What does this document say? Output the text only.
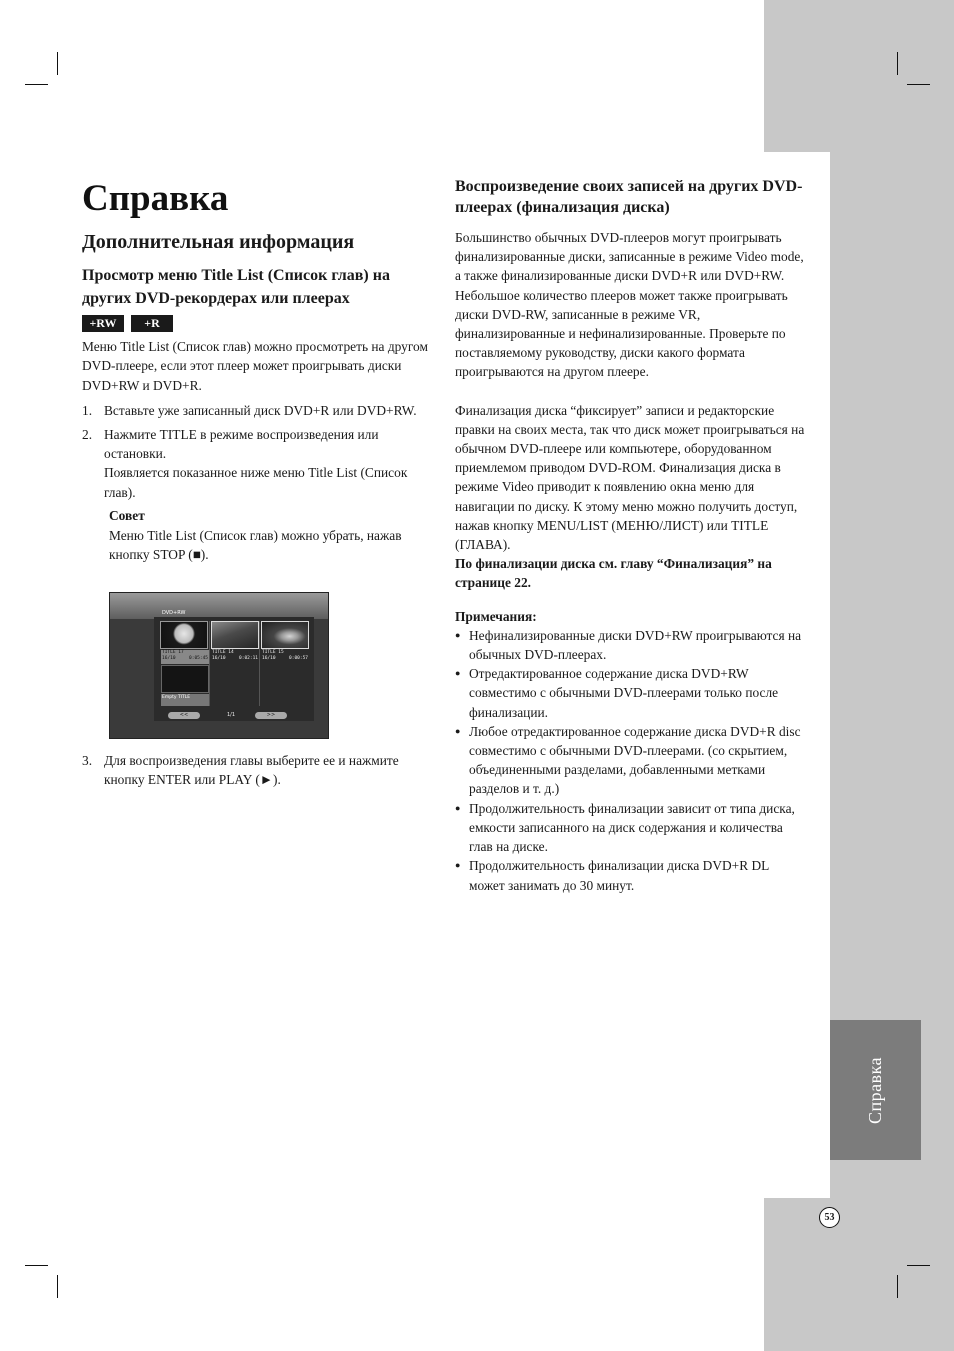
Справка
53
Справка
Дополнительная информация
Просмотр меню Title List (Список глав) на других DVD-рекордерах или плеерах
+RW	+R

Меню Title List (Список глав) можно просмотреть на другом DVD-плеере, если этот плеер может проигрывать диски DVD+RW и DVD+R.

1. Вставьте уже записанный диск DVD+R или DVD+RW.
2. Нажмите TITLE в режиме воспроизведения или остановки.
Появляется показанное ниже меню Title List (Список глав).
Совет
Меню Title List (Список глав) можно убрать, нажав кнопку STOP (■).
DVD+RW
TITLE 17
16/10	0:05:45
TITLE 14
16/10	0:02:11
TITLE 15
16/10	0:00:57
Empty TITLE
<<	1/1	>>
3. Для воспроизведения главы выберите ее и нажмите кнопку ENTER или PLAY (►).
Воспроизведение своих записей на других DVD-плеерах (финализация диска)

Большинство обычных DVD-плееров могут проигрывать финализированные диски, записанные в режиме Video mode, а также финализированные диски DVD+R или DVD+RW. Небольшое количество плееров может также проигрывать диски DVD-RW, записанные в режиме VR, финализированные и нефинализированные. Проверьте по поставляемому руководству, диски какого формата проигрываются на другом плеере.

Финализация диска “фиксирует” записи и редакторские правки на своих места, так что диск может проигрываться на обычном DVD-плеере или компьютере, оборудованном приемлемом приводом DVD-ROM. Финализация диска в режиме Video приводит к появлению окна меню для навигации по диску. К этому меню можно получить доступ, нажав кнопку MENU/LIST (МЕНЮ/ЛИСТ) или TITLE (ГЛАВА).

По финализации диска см. главу “Финализация” на странице 22.

Примечания:
● Нефинализированные диски DVD+RW проигрываются на обычных DVD-плеерах.
● Отредактированное содержание диска DVD+RW совместимо с обычными DVD-плеерами только после финализации.
● Любое отредактированное содержание диска DVD+R disc совместимо с обычными DVD-плеерами. (со скрытием, объединенными разделами, добавленными метками разделов и т. д.)
● Продолжительность финализации зависит от типа диска, емкости записанного на диск содержания и количества глав на диске.
● Продолжительность финализации диска DVD+R DL может занимать до 30 минут.
